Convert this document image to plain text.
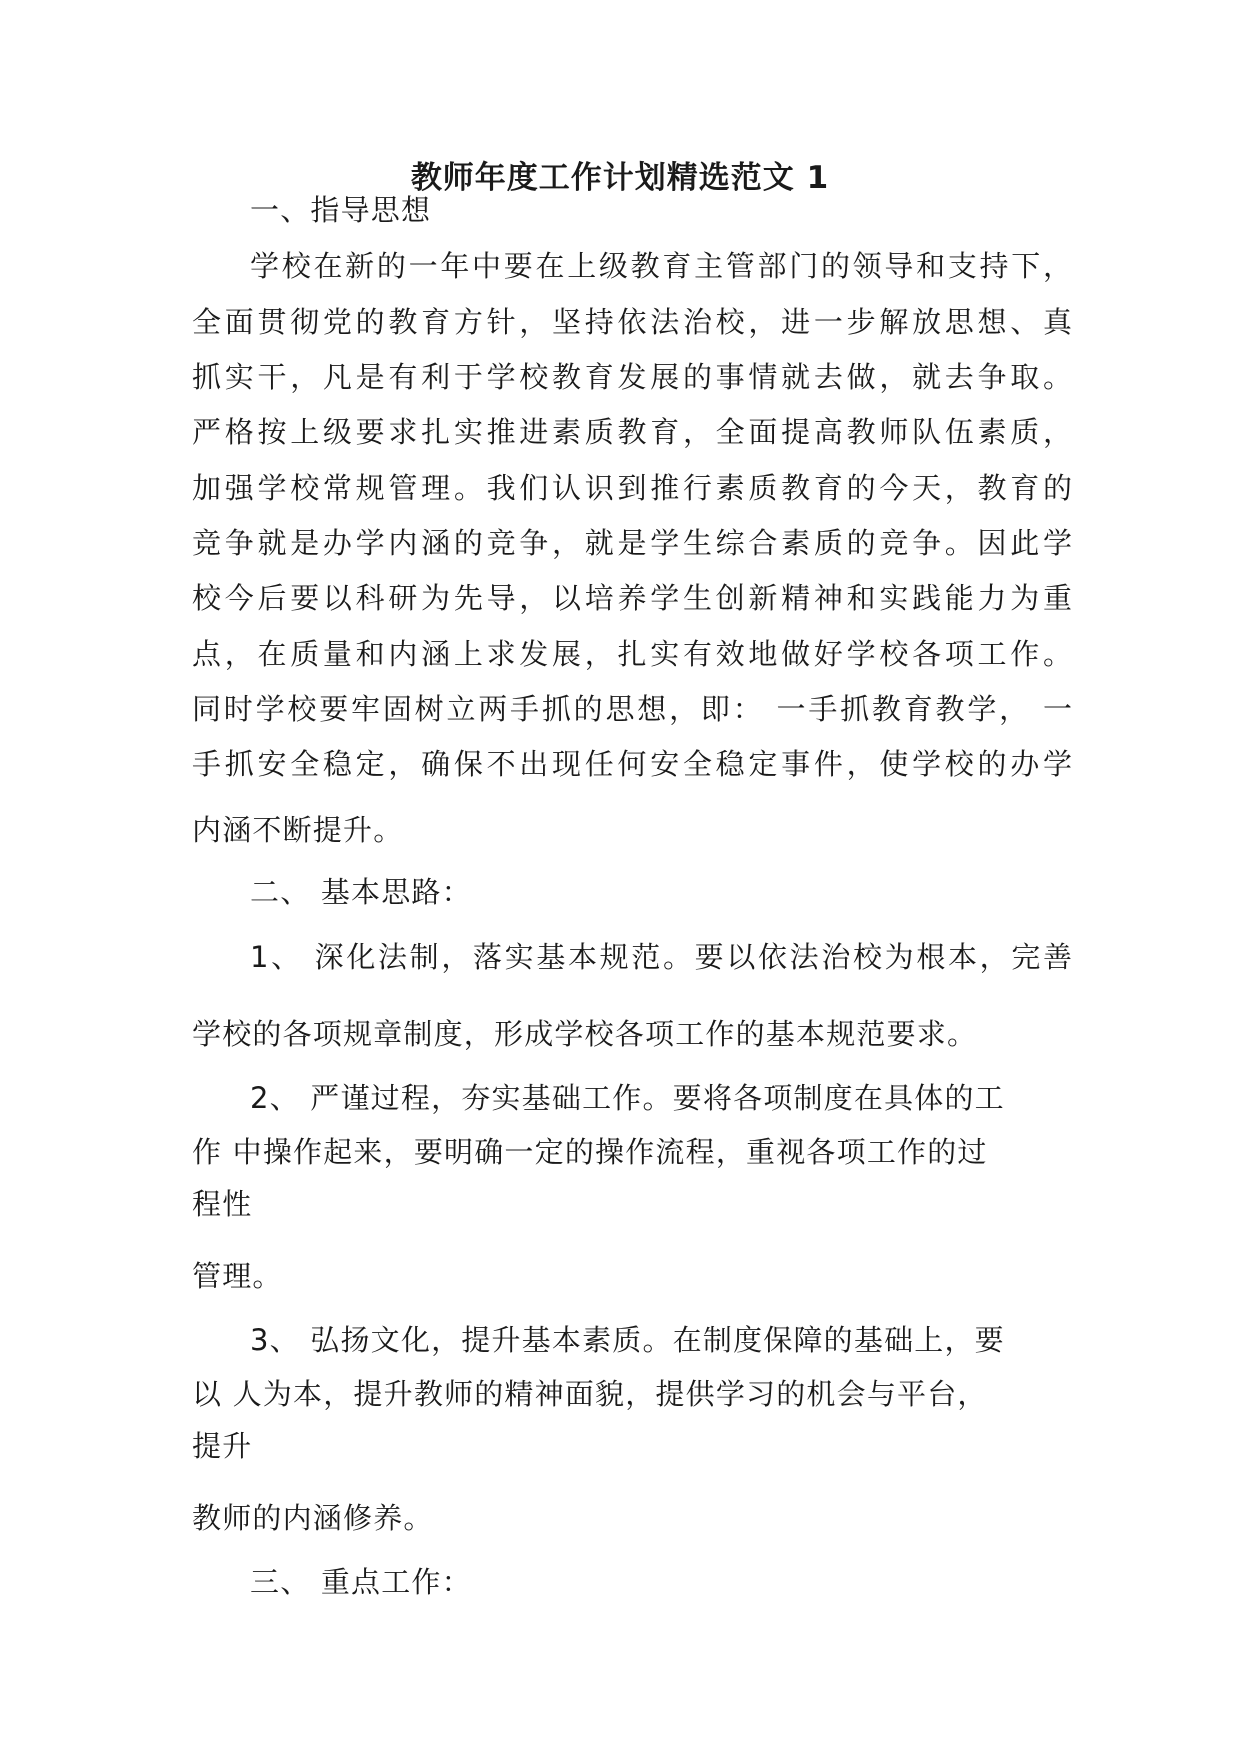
教师年度工作计划精选范文 1
一、指导思想
学校在新的一年中要在上级教育主管部门的领导和支持下，
全面贯彻党的教育方针，坚持依法治校，进一步解放思想、真
抓实干，凡是有利于学校教育发展的事情就去做，就去争取。
严格按上级要求扎实推进素质教育，全面提高教师队伍素质，
加强学校常规管理。我们认识到推行素质教育的今天，教育的
竞争就是办学内涵的竞争，就是学生综合素质的竞争。因此学
校今后要以科研为先导，以培养学生创新精神和实践能力为重
点，在质量和内涵上求发展，扎实有效地做好学校各项工作。
同时学校要牢固树立两手抓的思想，即： 一手抓教育教学， 一
手抓安全稳定，确保不出现任何安全稳定事件，使学校的办学
内涵不断提升。
二、 基本思路：
1、 深化法制，落实基本规范。要以依法治校为根本，完善
学校的各项规章制度，形成学校各项工作的基本规范要求。
2、 严谨过程，夯实基础工作。要将各项制度在具体的工
作 中操作起来，要明确一定的操作流程，重视各项工作的过
程性
管理。
3、 弘扬文化，提升基本素质。在制度保障的基础上，要
以 人为本，提升教师的精神面貌，提供学习的机会与平台，
提升
教师的内涵修养。
三、 重点工作：
